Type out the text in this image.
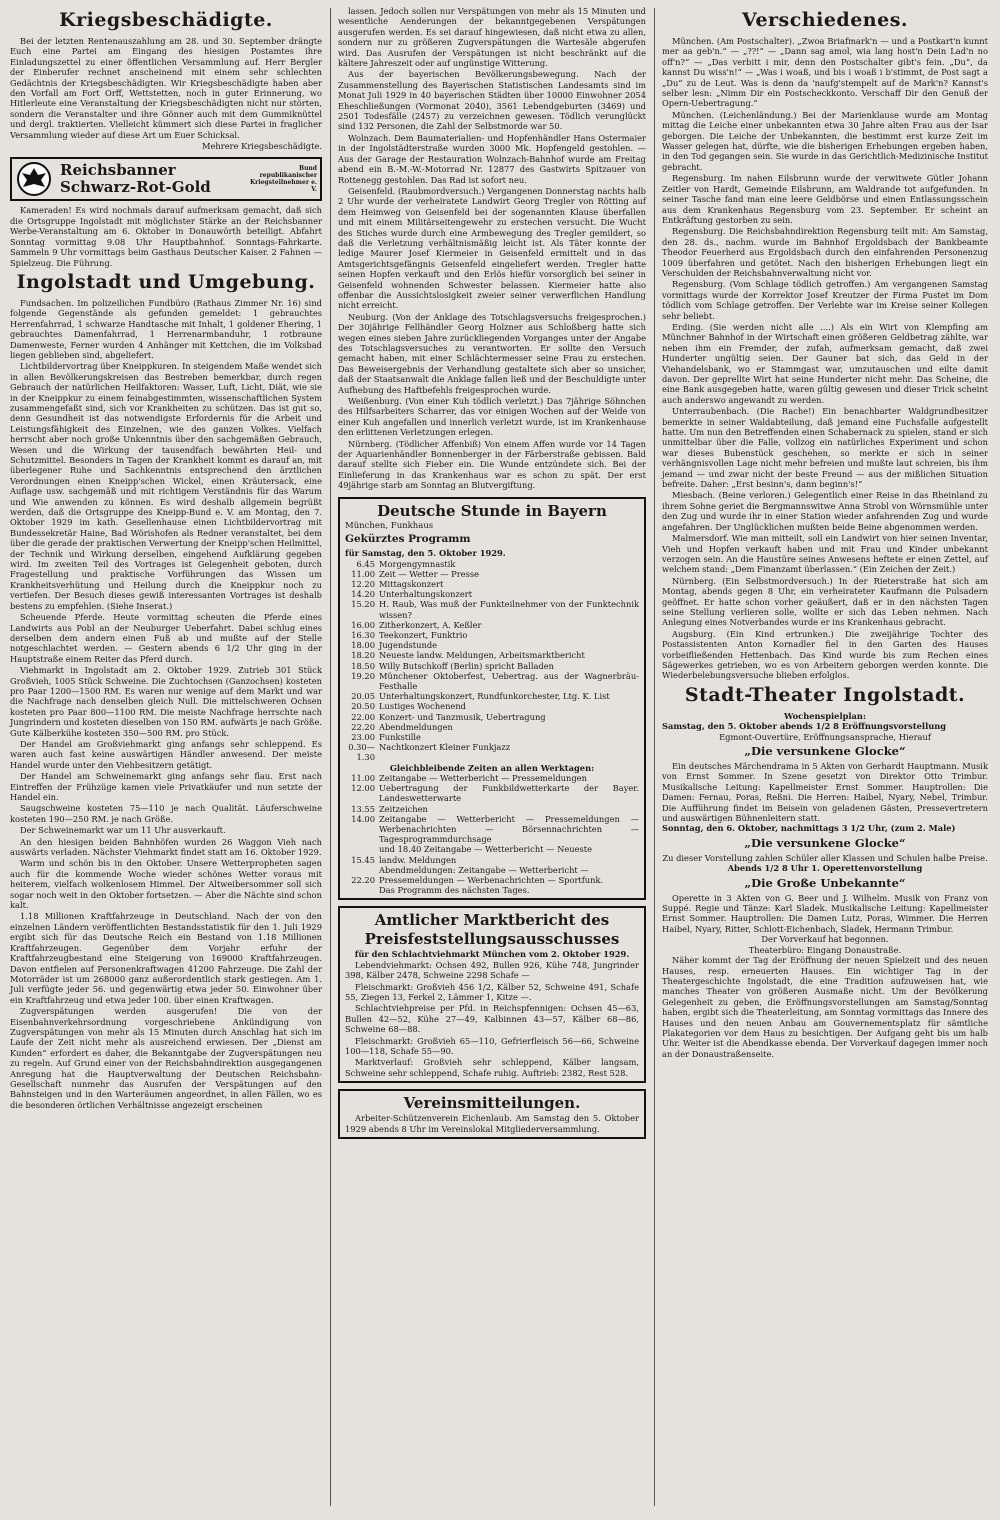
Kriegsbeschädigte.

Bei der letzten Rentenauszahlung am 28. und 30. September drängte Euch eine Partei am Eingang des hiesigen Postamtes ihre Einladungszettel zu einer öffentlichen Versammlung auf. Herr Bergler der Einberufer rechnet anscheinend mit einem sehr schlechten Gedächtnis der Kriegsbeschädigten. Wir Kriegsbeschädigte haben aber den Vorfall am Fort Orff, Wettstetten, noch in guter Erinnerung, wo Hitlerleute eine Veranstaltung der Kriegsbeschädigten nicht nur störten, sondern die Veranstalter und ihre Gönner auch mit dem Gummiknüttel und dergl. traktierten. Vielleicht kümmert sich diese Partei in fraglicher Versammlung wieder auf diese Art um Euer Schicksal.

Mehrere Kriegsbeschädigte.
Reichsbanner Schwarz-Rot-Gold
Bund republikanischer Kriegsteilnehmer e. V.

Kameraden! Es wird nochmals darauf aufmerksam gemacht, daß sich die Ortsgruppe Ingolstadt mit möglichster Stärke an der Reichsbanner Werbe-Veranstaltung am 6. Oktober in Donauwörth beteiligt. Abfahrt Sonntag vormittag 9.08 Uhr Hauptbahnhof. Sonntags-Fahrkarte. Sammeln 9 Uhr vormittags beim Gasthaus Deutscher Kaiser. 2 Fahnen — Spielzeug. Die Führung.

Ingolstadt und Umgebung.

Fundsachen. Im polizeilichen Fundbüro (Rathaus Zimmer Nr. 16) sind folgende Gegenstände als gefunden gemeldet: 1 gebrauchtes Herrenfahrrad, 1 schwarze Handtasche mit Inhalt, 1 goldener Ehering, 1 gebrauchtes Damenfahrrad, 1 Herrenarmbanduhr, 1 rotbraune Damenweste, Ferner wurden 4 Anhänger mit Kettchen, die im Volksbad liegen geblieben sind, abgeliefert.

Lichtbildervortrag über Kneippkuren. In steigendem Maße wendet sich in allen Bevölkerungskreisen das Bestreben bemerkbar, durch regen Gebrauch der natürlichen Heilfaktoren: Wasser, Luft, Licht, Diät, wie sie in der Kneippkur zu einem feinabgestimmten, wissenschaftlichen System zusammengefaßt sind, sich vor Krankheiten zu schützen. Das ist gut so, denn Gesundheit ist das notwendigste Erfordernis für die Arbeit und Leistungsfähigkeit des Einzelnen, wie des ganzen Volkes. Vielfach herrscht aber noch große Unkenntnis über den sachgemäßen Gebrauch, Wesen und die Wirkung der tausendfach bewährten Heil- und Schutzmittel. Besonders in Tagen der Krankheit kommt es darauf an, mit überlegener Ruhe und Sachkenntnis entsprechend den ärztlichen Verordnungen einen Kneipp'schen Wickel, einen Kräutersack, eine Auflage usw. sachgemäß und mit richtigem Verständnis für das Warum und Wie anwenden zu können. Es wird deshalb allgemein begrüßt werden, daß die Ortsgruppe des Kneipp-Bund e. V. am Montag, den 7. Oktober 1929 im kath. Gesellenhause einen Lichtbildervortrag mit Bundessekretär Haine, Bad Wörishofen als Redner veranstaltet, bei dem über die gerade der praktischen Verwertung der Kneipp'schen Heilmittel, der Technik und Wirkung derselben, eingehend Aufklärung gegeben wird. Im zweiten Teil des Vortrages ist Gelegenheit geboten, durch Fragestellung und praktische Vorführungen das Wissen um Krankheitsverhütung und Heilung durch die Kneippkur noch zu vertiefen. Der Besuch dieses gewiß interessanten Vortrages ist deshalb bestens zu empfehlen. (Siehe Inserat.)

Scheuende Pferde. Heute vormittag scheuten die Pferde eines Landwirts aus Pobl an der Neuburger Ueberfahrt. Dabei schlug eines derselben dem andern einen Fuß ab und mußte auf der Stelle notgeschlachtet werden. — Gestern abends 6 1/2 Uhr ging in der Hauptstraße einem Reiter das Pferd durch.

Viehmarkt in Ingolstadt am 2. Oktober 1929. Zutrieb 301 Stück Großvieh, 1005 Stück Schweine. Die Zuchtochsen (Ganzochsen) kosteten pro Paar 1200—1500 RM. Es waren nur wenige auf dem Markt und war die Nachfrage nach denselben gleich Null. Die mittelschweren Ochsen kosteten pro Paar 800—1100 RM. Die meiste Nachfrage herrschte nach Jungrindern und kosteten dieselben von 150 RM. aufwärts je nach Größe. Gute Kälberkühe kosteten 350—500 RM. pro Stück.

Der Handel am Großviehmarkt ging anfangs sehr schleppend. Es waren auch fast keine auswärtigen Händler anwesend. Der meiste Handel wurde unter den Viehbesitzern getätigt.

Der Handel am Schweinemarkt ging anfangs sehr flau. Erst nach Eintreffen der Frühzüge kamen viele Privatkäufer und nun setzte der Handel ein.

Saugschweine kosteten 75—110 je nach Qualität. Läuferschweine kosteten 190—250 RM. je nach Größe.

Der Schweinemarkt war um 11 Uhr ausverkauft.

An den hiesigen beiden Bahnhöfen wurden 26 Waggon Vieh nach auswärts verladen. Nächster Viehmarkt findet statt am 16. Oktober 1929.

Warm und schön bis in den Oktober. Unsere Wetterpropheten sagen auch für die kommende Woche wieder schönes Wetter voraus mit heiterem, vielfach wolkenlosem Himmel. Der Altweibersommer soll sich sogar noch weit in den Oktober fortsetzen. — Aber die Nächte sind schon kalt.

1.18 Millionen Kraftfahrzeuge in Deutschland. Nach der von den einzelnen Ländern veröffentlichten Bestandsstatistik für den 1. Juli 1929 ergibt sich für das Deutsche Reich ein Bestand von 1.18 Millionen Kraftfahrzeugen. Gegenüber dem Vorjahr erfuhr der Kraftfahrzeugbestand eine Steigerung von 169000 Kraftfahrzeugen. Davon entfielen auf Personenkraftwagen 41200 Fahrzeuge. Die Zahl der Motorräder ist um 268000 ganz außerordentlich stark gestiegen. Am 1. Juli verfügte jeder 56. und gegenwärtig etwa jeder 50. Einwohner über ein Kraftfahrzeug und etwa jeder 100. über einen Kraftwagen.

Zugverspätungen werden ausgerufen! Die von der Eisenbahnverkehrsordnung vorgeschriebene Ankündigung von Zugverspätungen von mehr als 15 Minuten durch Anschlag hat sich im Laufe der Zeit nicht mehr als ausreichend erwiesen. Der „Dienst am Kunden“ erfordert es daher, die Bekanntgabe der Zugverspätungen neu zu regeln. Auf Grund einer von der Reichsbahndirektion ausgegangenen Anregung hat die Hauptverwaltung der Deutschen Reichsbahn-Gesellschaft nunmehr das Ausrufen der Verspätungen auf den Bahnsteigen und in den Warteräumen angeordnet, in allen Fällen, wo es die besonderen örtlichen Verhältnisse angezeigt erscheinen

lassen. Jedoch sollen nur Verspätungen von mehr als 15 Minuten und wesentliche Aenderungen der bekanntgegebenen Verspätungen ausgerufen werden. Es sei darauf hingewiesen, daß nicht etwa zu allen, sondern nur zu größeren Zugverspätungen die Wartesäle abgerufen wird. Das Ausrufen der Verspätungen ist nicht beschränkt auf die kältere Jahreszeit oder auf ungünstige Witterung.

Aus der bayerischen Bevölkerungsbewegung. Nach der Zusammenstellung des Bayerischen Statistischen Landesamts sind im Monat Juli 1929 in 40 bayerischen Städten über 10000 Einwohner 2054 Eheschließungen (Vormonat 2040), 3561 Lebendgeburten (3469) und 2501 Todesfälle (2457) zu verzeichnen gewesen. Tödlich verunglückt sind 132 Personen, die Zahl der Selbstmorde war 50.

Wolnzach. Dem Baumaterialien- und Hopfenhändler Hans Ostermaier in der Ingolstädterstraße wurden 3000 Mk. Hopfengeld gestohlen. — Aus der Garage der Restauration Wolnzach-Bahnhof wurde am Freitag abend ein B.-M.-W.-Motorrad Nr. 12877 des Gastwirts Spitzauer von Rottenegg gestohlen. Das Rad ist sofort neu.

Geisenfeld. (Raubmordversuch.) Vergangenen Donnerstag nachts halb 2 Uhr wurde der verheiratete Landwirt Georg Tregler von Rötting auf dem Heimweg von Geisenfeld bei der sogenannten Klause überfallen und mit einem Militärseitengewehr zu erstechen versucht. Die Wucht des Stiches wurde durch eine Armbewegung des Tregler gemildert, so daß die Verletzung verhältnismäßig leicht ist. Als Täter konnte der ledige Maurer Josef Kiermeier in Geisenfeld ermittelt und in das Amtsgerichtsgefängnis Geisenfeld eingeliefert werden. Tregler hatte seinen Hopfen verkauft und den Erlös hiefür vorsorglich bei seiner in Geisenfeld wohnenden Schwester belassen. Kiermeier hatte also offenbar die Aussichtslosigkeit zweier seiner verwerflichen Handlung nicht erreicht.

Neuburg. (Von der Anklage des Totschlagsversuchs freigesprochen.) Der 30jährige Fellhändler Georg Holzner aus Schloßberg hatte sich wegen eines sieben Jahre zurückliegenden Vorganges unter der Angabe des Totschlagsversuches zu verantworten. Er sollte den Versuch gemacht haben, mit einer Schlächtermesser seine Frau zu erstechen. Das Beweisergebnis der Verhandlung gestaltete sich aber so unsicher, daß der Staatsanwalt die Anklage fallen ließ und der Beschuldigte unter Aufhebung des Haftbefehls freigesprochen wurde.

Weißenburg. (Von einer Kuh tödlich verletzt.) Das 7jährige Söhnchen des Hilfsarbeiters Scharrer, das vor einigen Wochen auf der Weide von einer Kuh angefallen und innerlich verletzt wurde, ist im Krankenhause den erlittenen Verletzungen erlegen.

Nürnberg. (Tödlicher Affenbiß) Von einem Affen wurde vor 14 Tagen der Aquarienhändler Bonnenberger in der Färberstraße gebissen. Bald darauf stellte sich Fieber ein. Die Wunde entzündete sich. Bei der Einlieferung in das Krankenhaus war es schon zu spät. Der erst 49jährige starb am Sonntag an Blutvergiftung.

Deutsche Stunde in Bayern
München, Funkhaus
Gekürztes Programm
für Samstag, den 5. Oktober 1929.
6.45 Morgengymnastik
11.00 Zeit — Wetter — Presse
12.20 Mittagskonzert
14.20 Unterhaltungskonzert
15.20 H. Raub, Was muß der Funkteilnehmer von der Funktechnik wissen?
16.00 Zitherkonzert, A. Keßler
16.30 Teekonzert, Funktrio
18.00 Jugendstunde
18.20 Neueste landw. Meldungen, Arbeitsmarktbericht
18.50 Willy Butschkoff (Berlin) spricht Balladen
19.20 Münchener Oktoberfest, Uebertrag. aus der Wagnerbräu-Festhalle
20.05 Unterhaltungskonzert, Rundfunkorchester, Ltg. K. List
20.50 Lustiges Wochenend
22.00 Konzert- und Tanzmusik, Uebertragung
22.20 Abendmeldungen
23.00 Funkstille
0.30—1.30
Nachtkonzert Kleiner Funkjazz
Gleichbleibende Zeiten an allen Werktagen:
11.00 Zeitangabe — Wetterbericht — Pressemeldungen
12.00 Uebertragung der Funkbildwetterkarte der Bayer. Landeswetterwarte
13.55 Zeitzeichen
14.00 Zeitangabe — Wetterbericht — Pressemeldungen — Werbenachrichten — Börsennachrichten — Tagesprogrammdurchsage
und 18.40 Zeitangabe — Wetterbericht — Neueste
15.45 landw. Meldungen
Abendmeldungen: Zeitangabe — Wetterbericht —
22.20 Pressemeldungen — Werbenachrichten — Sportfunk.
Das Programm des nächsten Tages.
Amtlicher Marktbericht des Preisfeststellungsausschusses
für den Schlachtviehmarkt München vom 2. Oktober 1929.

Lebendviehmarkt: Ochsen 492, Bullen 926, Kühe 748, Jungrinder 398, Kälber 2478, Schweine 2298 Schafe —

Fleischmarkt: Großvieh 456 1/2, Kälber 52, Schweine 491, Schafe 55, Ziegen 13, Ferkel 2, Lämmer 1, Kitze —.

Schlachtviehpreise per Pfd. in Reichspfennigen: Ochsen 45—63, Bullen 42—52, Kühe 27—49, Kalbinnen 43—57, Kälber 68—86, Schweine 68—88.

Fleischmarkt: Großvieh 65—110, Gefrierfleisch 56—66, Schweine 100—118, Schafe 55—90.

Marktverlauf: Großvieh sehr schleppend, Kälber langsam, Schweine sehr schleppend, Schafe ruhig. Auftrieb: 2382, Rest 528.

Vereinsmitteilungen.

Arbeiter-Schützenverein Eichenlaub. Am Samstag den 5. Oktober 1929 abends 8 Uhr im Vereinslokal Mitgliederversammlung.

Verschiedenes.

München. (Am Postschalter). „Zwoa Briafmark'n — und a Postkart'n kunnt mer aa geb'n.“ — „??!“ — „Dann sag amol, wia lang host'n Dein Lad'n no off'n?“ — „Das verbitt i mir, denn den Postschalter gibt's fein. „Du“, da kannst Du wiss'n!“ — „Was i woaß, und bis i woaß i b'stimmt, de Post sagt a „Du“ zu de Leut. Was is denn da 'naufg'stempelt auf de Mark'n? Kannst's selber lesn: „Nimm Dir ein Postscheckkonto. Verschaff Dir den Genuß der Opern-Uebertragung.“

München. (Leichenländung.) Bei der Marienklause wurde am Montag mittag die Leiche einer unbekannten etwa 30 Jahre alten Frau aus der Isar geborgen. Die Leiche der Unbekannten, die bestimmt erst kurze Zeit im Wasser gelegen hat, dürfte, wie die bisherigen Erhebungen ergeben haben, in den Tod gegangen sein. Sie wurde in das Gerichtlich-Medizinische Institut gebracht.

Regensburg. Im nahen Eilsbrunn wurde der verwitwete Gütler Johann Zeitler von Hardt, Gemeinde Eilsbrunn, am Waldrande tot aufgefunden. In seiner Tasche fand man eine leere Geldbörse und einen Entlassungsschein aus dem Krankenhaus Regensburg vom 23. September. Er scheint an Entkräftung gestorben zu sein.

Regensburg. Die Reichsbahndirektion Regensburg teilt mit: Am Samstag, den 28. ds., nachm. wurde im Bahnhof Ergoldsbach der Bankbeamte Theodor Feuerherd aus Ergoldsbach durch den einfahrenden Personenzug 1009 überfahren und getötet. Nach den bisherigen Erhebungen liegt ein Verschulden der Reichsbahnverwaltung nicht vor.

Regensburg. (Vom Schlage tödlich getroffen.) Am vergangenen Samstag vormittags wurde der Korrektor Josef Kreutzer der Firma Pustet im Dom tödlich vom Schlage getroffen. Der Verlebte war im Kreise seiner Kollegen sehr beliebt.

Erding. (Sie werden nicht alle ....) Als ein Wirt von Klempfing am Münchner Bahnhof in der Wirtschaft einen größeren Geldbetrag zählte, war neben ihm ein Fremder, der zufah, aufmerksam gemacht, daß zwei Hunderter ungültig seien. Der Gauner bat sich, das Geld in der Viehandelsbank, wo er Stammgast war, umzutauschen und eilte damit davon. Der geprellte Wirt hat seine Hunderter nicht mehr. Das Scheine, die eine Bank ausgegeben hatte, waren gültig gewesen und dieser Trick scheint auch anderswo angewandt zu werden.

Unterraubenbach. (Die Rache!) Ein benachbarter Waldgrundbesitzer bemerkte in seiner Waldabteilung, daß jemand eine Fuchsfalle aufgestellt hatte. Um nun den Betreffenden einen Schabernack zu spielen, stand er sich unmittelbar über die Falle, vollzog ein natürliches Experiment und schon war dieses Bubenstück geschehen, so merkte er sich in seiner verhängnisvollen Lage nicht mehr befreien und mußte laut schreien, bis ihm jemand — und zwar nicht der beste Freund — aus der mißlichen Situation befreite. Daher: „Erst besinn's, dann beginn's!“

Miesbach. (Beine verloren.) Gelegentlich einer Reise in das Rheinland zu ihrem Sohne geriet die Bergmannswitwe Anna Strobl von Wörnsmühle unter den Zug und wurde ihr in einer Station wieder anfahrenden Zug und wurde angefahren. Der Unglücklichen mußten beide Beine abgenommen werden.

Malmersdorf. Wie man mitteilt, soll ein Landwirt von hier seinen Inventar, Vieh und Hopfen verkauft haben und mit Frau und Kinder unbekannt verzogen sein. An die Haustüre seines Anwesens heftete er einen Zettel, auf welchem stand: „Dem Finanzamt überlassen.“ (Ein Zeichen der Zeit.)

Nürnberg. (Ein Selbstmordversuch.) In der Rieterstraße hat sich am Montag, abends gegen 8 Uhr, ein verheirateter Kaufmann die Pulsadern geöffnet. Er hatte schon vorher geäußert, daß er in den nächsten Tagen seine Stellung verlieren solle, wollte er sich das Leben nehmen. Nach Anlegung eines Notverbandes wurde er ins Krankenhaus gebracht.

Augsburg. (Ein Kind ertrunken.) Die zweijährige Tochter des Postassistenten Anton Kornadler fiel in den Garten des Hauses vorbeifließenden Hettenbach. Das Kind wurde bis zum Rechen eines Sägewerkes getrieben, wo es von Arbeitern geborgen werden konnte. Die Wiederbelebungsversuche blieben erfolglos.

Stadt-Theater Ingolstadt.
Wochenspielplan:
Samstag, den 5. Oktober abends 1/2 8 Eröffnungsvorstellung
Egmont-Ouvertüre, Eröffnungsansprache, Hierauf
„Die versunkene Glocke“

Ein deutsches Märchendrama in 5 Akten von Gerhardt Hauptmann. Musik von Ernst Sommer. In Szene gesetzt von Direktor Otto Trimbur. Musikalische Leitung: Kapellmeister Ernst Sommer. Hauptrollen: Die Damen: Fernau, Poras, Reßni. Die Herren: Haibel, Nyary, Nebel, Trimbur. Die Aufführung findet im Beisein von geladenen Gästen, Pressevertretern und auswärtigen Bühnenleitern statt.

Sonntag, den 6. Oktober, nachmittags 3 1/2 Uhr, (zum 2. Male)
„Die versunkene Glocke“
Zu dieser Vorstellung zahlen Schüler aller Klassen und Schulen halbe Preise.
Abends 1/2 8 Uhr 1. Operettenvorstellung
„Die Große Unbekannte“

Operette in 3 Akten von G. Beer und J. Wilhelm. Musik von Franz von Suppé. Regie und Tänze: Karl Sladek. Musikalische Leitung: Kapellmeister Ernst Sommer. Hauptrollen: Die Damen Lutz, Poras, Wimmer. Die Herren Haibel, Nyary, Ritter, Schlott-Eichenbach, Sladek, Hermann Trimbur.

Der Vorverkauf hat begonnen.
Theaterbüro: Eingang Donaustraße.

Näher kommt der Tag der Eröffnung der neuen Spielzeit und des neuen Hauses, resp. erneuerten Hauses. Ein wichtiger Tag in der Theatergeschichte Ingolstadt, die eine Tradition aufzuweisen hat, wie manches Theater von größeren Ausmaße nicht. Um der Bevölkerung Gelegenheit zu geben, die Eröffnungsvorstellungen am Samstag/Sonntag haben, ergibt sich die Theaterleitung, am Sonntag vormittags das Innere des Hauses und den neuen Anbau am Gouvernementsplatz für sämtliche Plakategorien vor dem Haus zu besichtigen. Der Aufgang geht bis um halb Uhr. Weiter ist die Abendkasse ebenda. Der Vorverkauf dagegen immer noch an der Donaustraßenseite.
